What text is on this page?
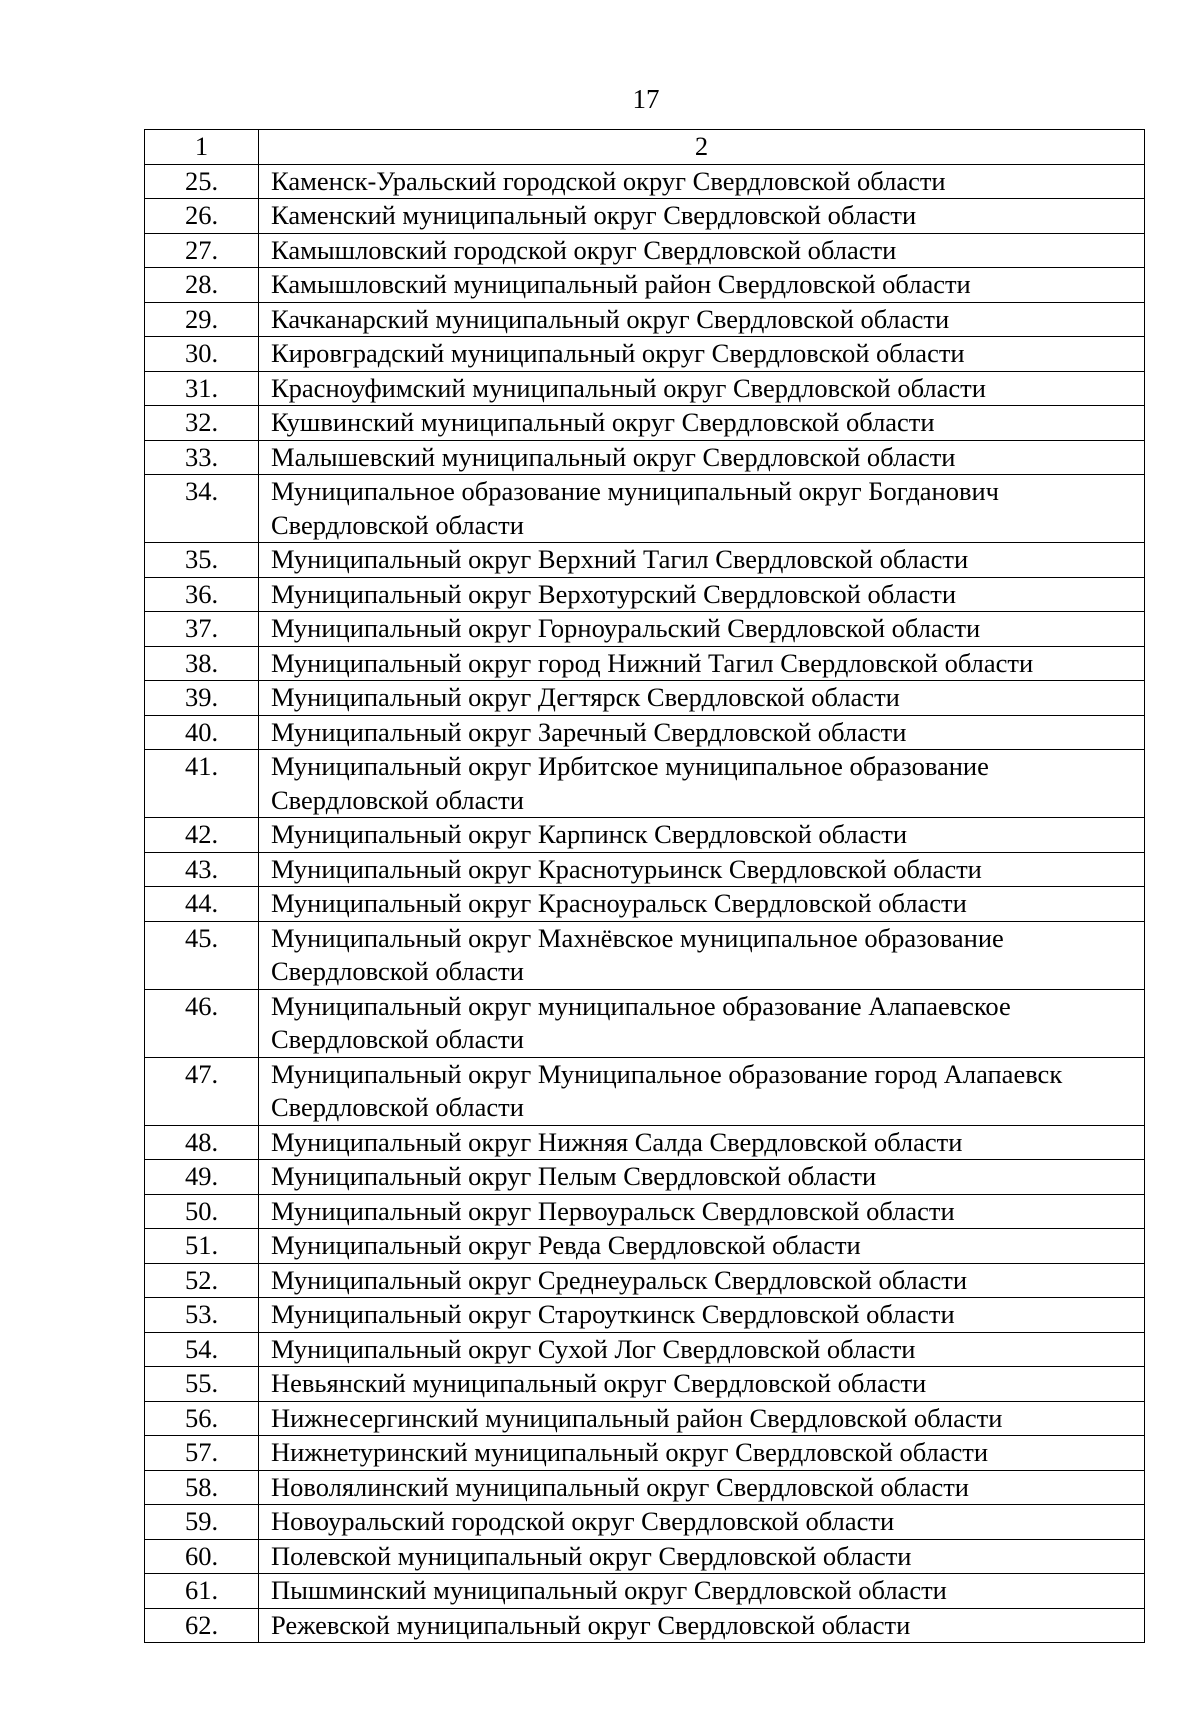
17
1	2
25.	Каменск-Уральский городской округ Свердловской области
26.	Каменский муниципальный округ Свердловской области
27.	Камышловский городской округ Свердловской области
28.	Камышловский муниципальный район Свердловской области
29.	Качканарский муниципальный округ Свердловской области
30.	Кировградский муниципальный округ Свердловской области
31.	Красноуфимский муниципальный округ Свердловской области
32.	Кушвинский муниципальный округ Свердловской области
33.	Малышевский муниципальный округ Свердловской области
34.	Муниципальное образование муниципальный округ Богданович Свердловской области
35.	Муниципальный округ Верхний Тагил Свердловской области
36.	Муниципальный округ Верхотурский Свердловской области
37.	Муниципальный округ Горноуральский Свердловской области
38.	Муниципальный округ город Нижний Тагил Свердловской области
39.	Муниципальный округ Дегтярск Свердловской области
40.	Муниципальный округ Заречный Свердловской области
41.	Муниципальный округ Ирбитское муниципальное образование Свердловской области
42.	Муниципальный округ Карпинск Свердловской области
43.	Муниципальный округ Краснотурьинск Свердловской области
44.	Муниципальный округ Красноуральск Свердловской области
45.	Муниципальный округ Махнёвское муниципальное образование Свердловской области
46.	Муниципальный округ муниципальное образование Алапаевское Свердловской области
47.	Муниципальный округ Муниципальное образование город Алапаевск Свердловской области
48.	Муниципальный округ Нижняя Салда Свердловской области
49.	Муниципальный округ Пелым Свердловской области
50.	Муниципальный округ Первоуральск Свердловской области
51.	Муниципальный округ Ревда Свердловской области
52.	Муниципальный округ Среднеуральск Свердловской области
53.	Муниципальный округ Староуткинск Свердловской области
54.	Муниципальный округ Сухой Лог Свердловской области
55.	Невьянский муниципальный округ Свердловской области
56.	Нижнесергинский муниципальный район Свердловской области
57.	Нижнетуринский муниципальный округ Свердловской области
58.	Новолялинский муниципальный округ Свердловской области
59.	Новоуральский городской округ Свердловской области
60.	Полевской муниципальный округ Свердловской области
61.	Пышминский муниципальный округ Свердловской области
62.	Режевской муниципальный округ Свердловской области
